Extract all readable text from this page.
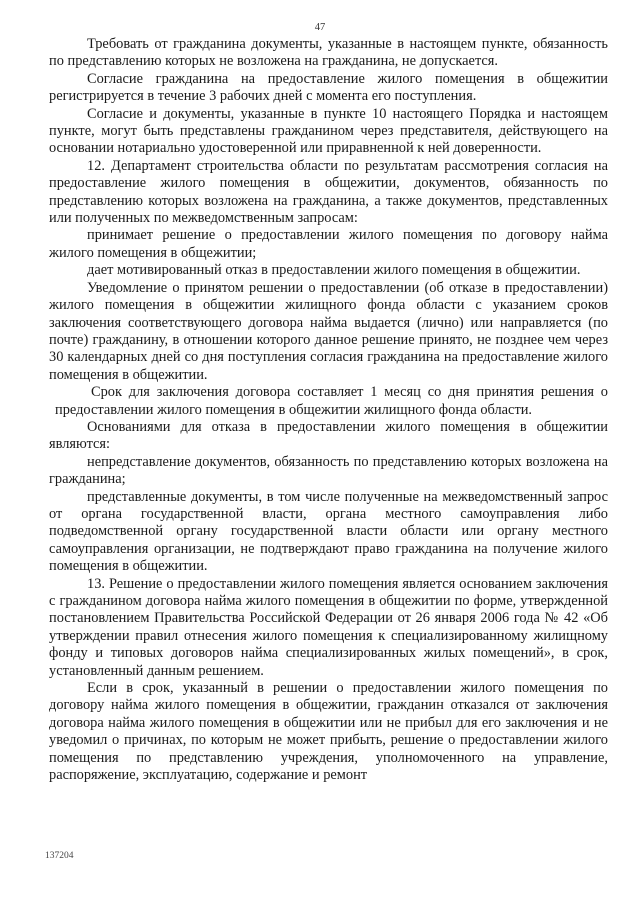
47

Требовать от гражданина документы, указанные в настоящем пункте, обязанность по представлению которых не возложена на гражданина, не допускается.

Согласие гражданина на предоставление жилого помещения в общежитии регистрируется в течение 3 рабочих дней с момента его поступления.

Согласие и документы, указанные в пункте 10 настоящего Порядка и настоящем пункте, могут быть представлены гражданином через представителя, действующего на основании нотариально удостоверенной или приравненной к ней доверенности.

12. Департамент строительства области по результатам рассмотрения согласия на предоставление жилого помещения в общежитии, документов, обязанность по представлению которых возложена на гражданина, а также документов, представленных или полученных по межведомственным запросам:

принимает решение о предоставлении жилого помещения по договору найма жилого помещения в общежитии;

дает мотивированный отказ в предоставлении жилого помещения в общежитии.

Уведомление о принятом решении о предоставлении (об отказе в предоставлении) жилого помещения в общежитии жилищного фонда области с указанием сроков заключения соответствующего договора найма выдается (лично) или направляется (по почте) гражданину, в отношении которого данное решение принято, не позднее чем через 30 календарных дней со дня поступления согласия гражданина на предоставление жилого помещения в общежитии.

Срок для заключения договора составляет 1 месяц со дня принятия решения о предоставлении жилого помещения в общежитии жилищного фонда области.

Основаниями для отказа в предоставлении жилого помещения в общежитии являются:

непредставление документов, обязанность по представлению которых возложена на гражданина;

представленные документы, в том числе полученные на межведомственный запрос от органа государственной власти, органа местного самоуправления либо подведомственной органу государственной власти области или органу местного самоуправления организации, не подтверждают право гражданина на получение жилого помещения в общежитии.

13. Решение о предоставлении жилого помещения является основанием заключения с гражданином договора найма жилого помещения в общежитии по форме, утвержденной постановлением Правительства Российской Федерации от 26 января 2006 года № 42 «Об утверждении правил отнесения жилого помещения к специализированному жилищному фонду и типовых договоров найма специализированных жилых помещений», в срок, установленный данным решением.

Если в срок, указанный в решении о предоставлении жилого помещения по договору найма жилого помещения в общежитии, гражданин отказался от заключения договора найма жилого помещения в общежитии или не прибыл для его заключения и не уведомил о причинах, по которым не может прибыть, решение о предоставлении жилого помещения по представлению учреждения, уполномоченного на управление, распоряжение, эксплуатацию, содержание и ремонт

137204
